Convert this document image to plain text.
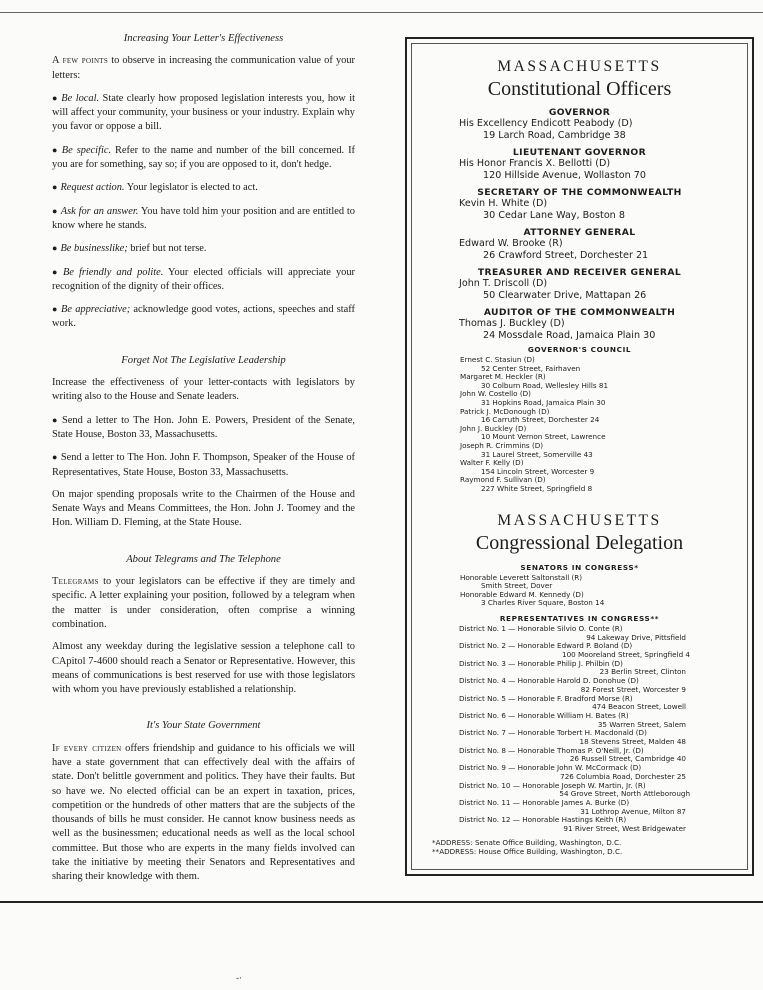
Increasing Your Letter's Effectiveness

A few points to observe in increasing the communication value of your letters:

● Be local. State clearly how proposed legislation interests you, how it will affect your community, your business or your industry. Explain why you favor or oppose a bill.

● Be specific. Refer to the name and number of the bill concerned. If you are for something, say so; if you are opposed to it, don't hedge.

● Request action. Your legislator is elected to act.

● Ask for an answer. You have told him your position and are entitled to know where he stands.

● Be businesslike; brief but not terse.

● Be friendly and polite. Your elected officials will appreciate your recognition of the dignity of their offices.

● Be appreciative; acknowledge good votes, actions, speeches and staff work.

Forget Not The Legislative Leadership

Increase the effectiveness of your letter-contacts with legislators by writing also to the House and Senate leaders.

● Send a letter to The Hon. John E. Powers, President of the Senate, State House, Boston 33, Massachusetts.

● Send a letter to The Hon. John F. Thompson, Speaker of the House of Representatives, State House, Boston 33, Massachusetts.

On major spending proposals write to the Chairmen of the House and Senate Ways and Means Committees, the Hon. John J. Toomey and the Hon. William D. Fleming, at the State House.

About Telegrams and The Telephone

Telegrams to your legislators can be effective if they are timely and specific. A letter explaining your position, followed by a telegram when the matter is under consideration, often comprise a winning combination.

Almost any weekday during the legislative session a telephone call to CApitol 7-4600 should reach a Senator or Representative. However, this means of communications is best reserved for use with those legislators with whom you have previously established a relationship.

It's Your State Government

If every citizen offers friendship and guidance to his officials we will have a state government that can effectively deal with the affairs of state. Don't belittle government and politics. They have their faults. But so have we. No elected official can be an expert in taxation, prices, competition or the hundreds of other matters that are the subjects of the thousands of bills he must consider. He cannot know business needs as well as the businessmen; educational needs as well as the local school committee. But those who are experts in the many fields involved can take the initiative by meeting their Senators and Representatives and sharing their knowledge with them.

MASSACHUSETTS
Constitutional Officers
GOVERNOR
His Excellency Endicott Peabody (D)
19 Larch Road, Cambridge 38
LIEUTENANT GOVERNOR
His Honor Francis X. Bellotti (D)
120 Hillside Avenue, Wollaston 70
SECRETARY OF THE COMMONWEALTH
Kevin H. White (D)
30 Cedar Lane Way, Boston 8
ATTORNEY GENERAL
Edward W. Brooke (R)
26 Crawford Street, Dorchester 21
TREASURER AND RECEIVER GENERAL
John T. Driscoll (D)
50 Clearwater Drive, Mattapan 26
AUDITOR OF THE COMMONWEALTH
Thomas J. Buckley (D)
24 Mossdale Road, Jamaica Plain 30
GOVERNOR'S COUNCIL
Ernest C. Stasiun (D)
52 Center Street, Fairhaven
Margaret M. Heckler (R)
30 Colburn Road, Wellesley Hills 81
John W. Costello (D)
31 Hopkins Road, Jamaica Plain 30
Patrick J. McDonough (D)
16 Carruth Street, Dorchester 24
John J. Buckley (D)
10 Mount Vernon Street, Lawrence
Joseph R. Crimmins (D)
31 Laurel Street, Somerville 43
Walter F. Kelly (D)
154 Lincoln Street, Worcester 9
Raymond F. Sullivan (D)
227 White Street, Springfield 8
MASSACHUSETTS
Congressional Delegation
SENATORS IN CONGRESS*
Honorable Leverett Saltonstall (R)
Smith Street, Dover
Honorable Edward M. Kennedy (D)
3 Charles River Square, Boston 14
REPRESENTATIVES IN CONGRESS**
District No. 1 — Honorable Silvio O. Conte (R)
94 Lakeway Drive, Pittsfield
District No. 2 — Honorable Edward P. Boland (D)
100 Mooreland Street, Springfield 4
District No. 3 — Honorable Philip J. Philbin (D)
23 Berlin Street, Clinton
District No. 4 — Honorable Harold D. Donohue (D)
82 Forest Street, Worcester 9
District No. 5 — Honorable F. Bradford Morse (R)
474 Beacon Street, Lowell
District No. 6 — Honorable William H. Bates (R)
35 Warren Street, Salem
District No. 7 — Honorable Torbert H. Macdonald (D)
18 Stevens Street, Malden 48
District No. 8 — Honorable Thomas P. O'Neill, Jr. (D)
26 Russell Street, Cambridge 40
District No. 9 — Honorable John W. McCormack (D)
726 Columbia Road, Dorchester 25
District No. 10 — Honorable Joseph W. Martin, Jr. (R)
54 Grove Street, North Attleborough
District No. 11 — Honorable James A. Burke (D)
31 Lothrop Avenue, Milton 87
District No. 12 — Honorable Hastings Keith (R)
91 River Street, West Bridgewater
*ADDRESS: Senate Office Building, Washington, D.C.
**ADDRESS: House Office Building, Washington, D.C.
-·
